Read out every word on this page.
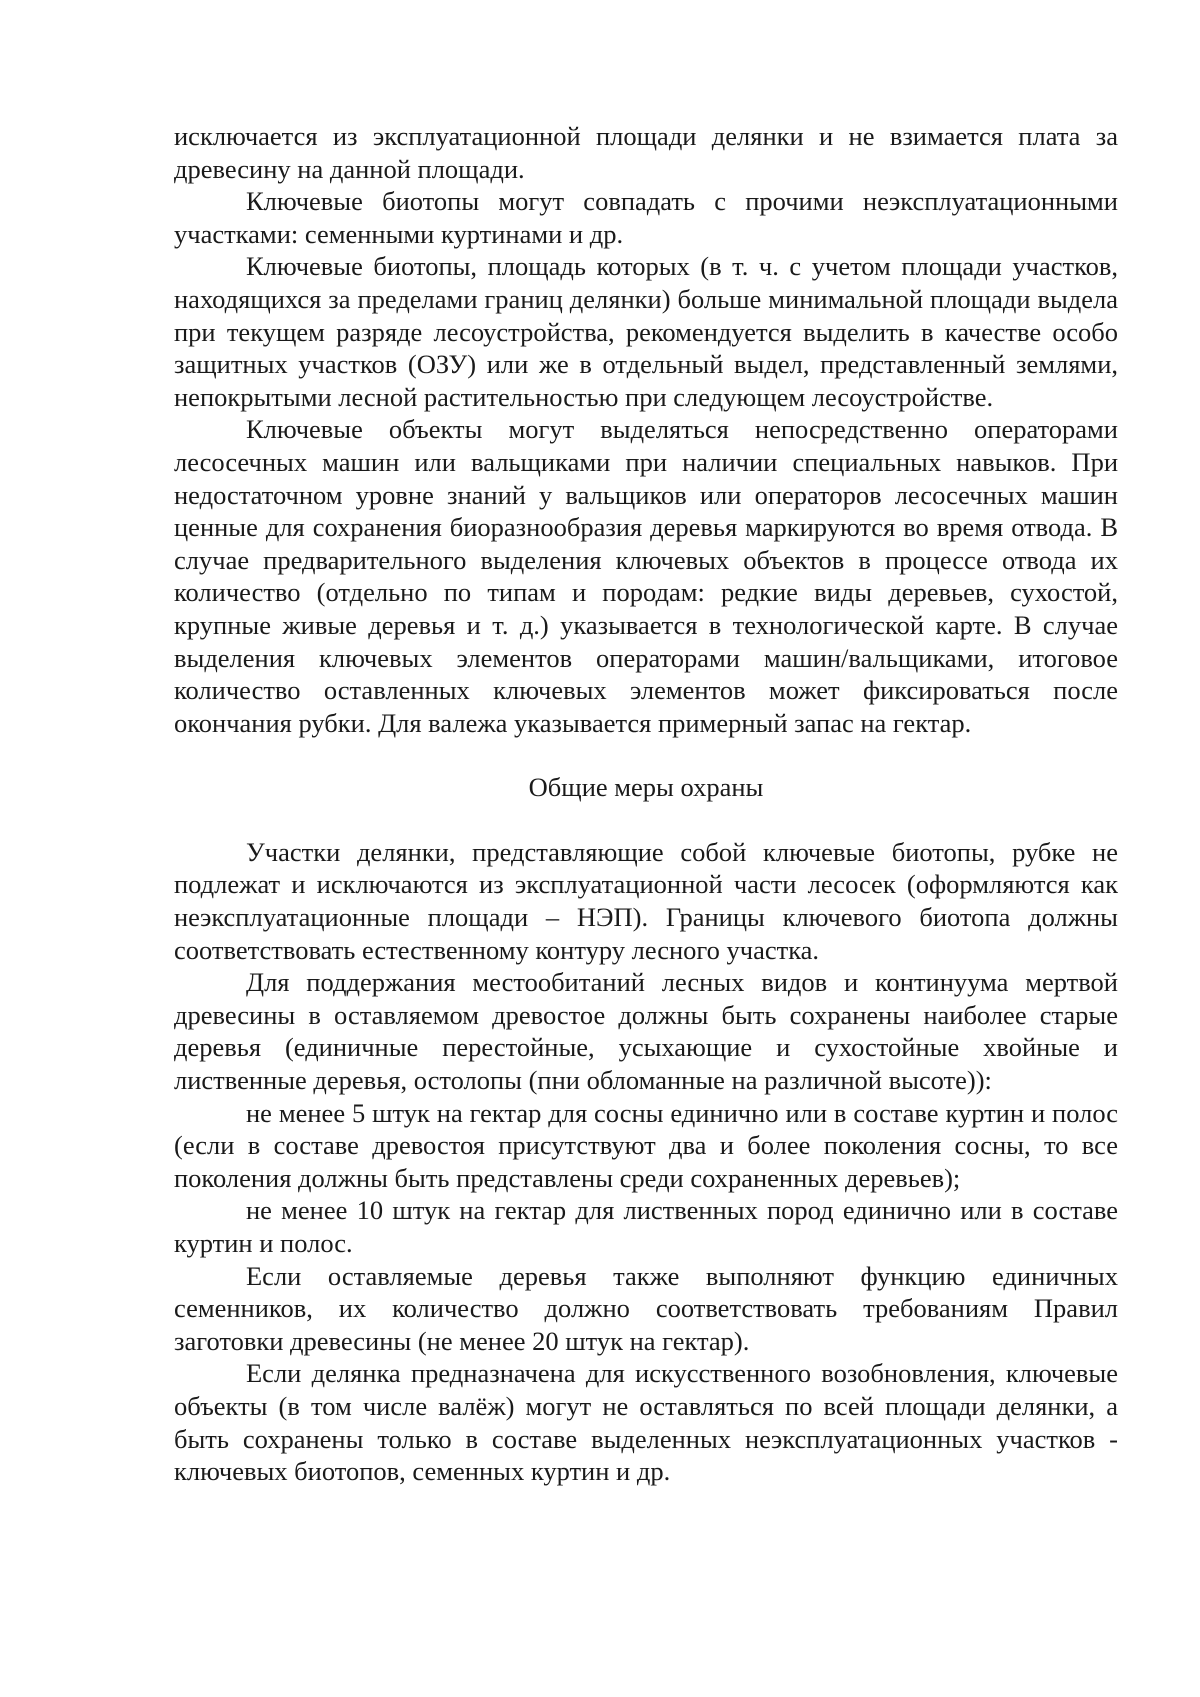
исключается из эксплуатационной площади делянки и не взимается плата за древесину на данной площади.

Ключевые биотопы могут совпадать с прочими неэксплуатационными участками: семенными куртинами и др.

Ключевые биотопы, площадь которых (в т. ч. с учетом площади участков, находящихся за пределами границ делянки) больше минимальной площади выдела при текущем разряде лесоустройства, рекомендуется выделить в качестве особо защитных участков (ОЗУ) или же в отдельный выдел, представленный землями, непокрытыми лесной растительностью при следующем лесоустройстве.

Ключевые объекты могут выделяться непосредственно операторами лесосечных машин или вальщиками при наличии специальных навыков. При недостаточном уровне знаний у вальщиков или операторов лесосечных машин ценные для сохранения биоразнообразия деревья маркируются во время отвода. В случае предварительного выделения ключевых объектов в процессе отвода их количество (отдельно по типам и породам: редкие виды деревьев, сухостой, крупные живые деревья и т. д.) указывается в технологической карте. В случае выделения ключевых элементов операторами машин/вальщиками, итоговое количество оставленных ключевых элементов может фиксироваться после окончания рубки. Для валежа указывается примерный запас на гектар.

Общие меры охраны

Участки делянки, представляющие собой ключевые биотопы, рубке не подлежат и исключаются из эксплуатационной части лесосек (оформляются как неэксплуатационные площади – НЭП). Границы ключевого биотопа должны соответствовать естественному контуру лесного участка.

Для поддержания местообитаний лесных видов и континуума мертвой древесины в оставляемом древостое должны быть сохранены наиболее старые деревья (единичные перестойные, усыхающие и сухостойные хвойные и лиственные деревья, остолопы (пни обломанные на различной высоте)):

не менее 5 штук на гектар для сосны единично или в составе куртин и полос (если в составе древостоя присутствуют два и более поколения сосны, то все поколения должны быть представлены среди сохраненных деревьев);

не менее 10 штук на гектар для лиственных пород единично или в составе куртин и полос.

Если оставляемые деревья также выполняют функцию единичных семенников, их количество должно соответствовать требованиям Правил заготовки древесины (не менее 20 штук на гектар).

Если делянка предназначена для искусственного возобновления, ключевые объекты (в том числе валёж) могут не оставляться по всей площади делянки, а быть сохранены только в составе выделенных неэксплуатационных участков - ключевых биотопов, семенных куртин и др.
